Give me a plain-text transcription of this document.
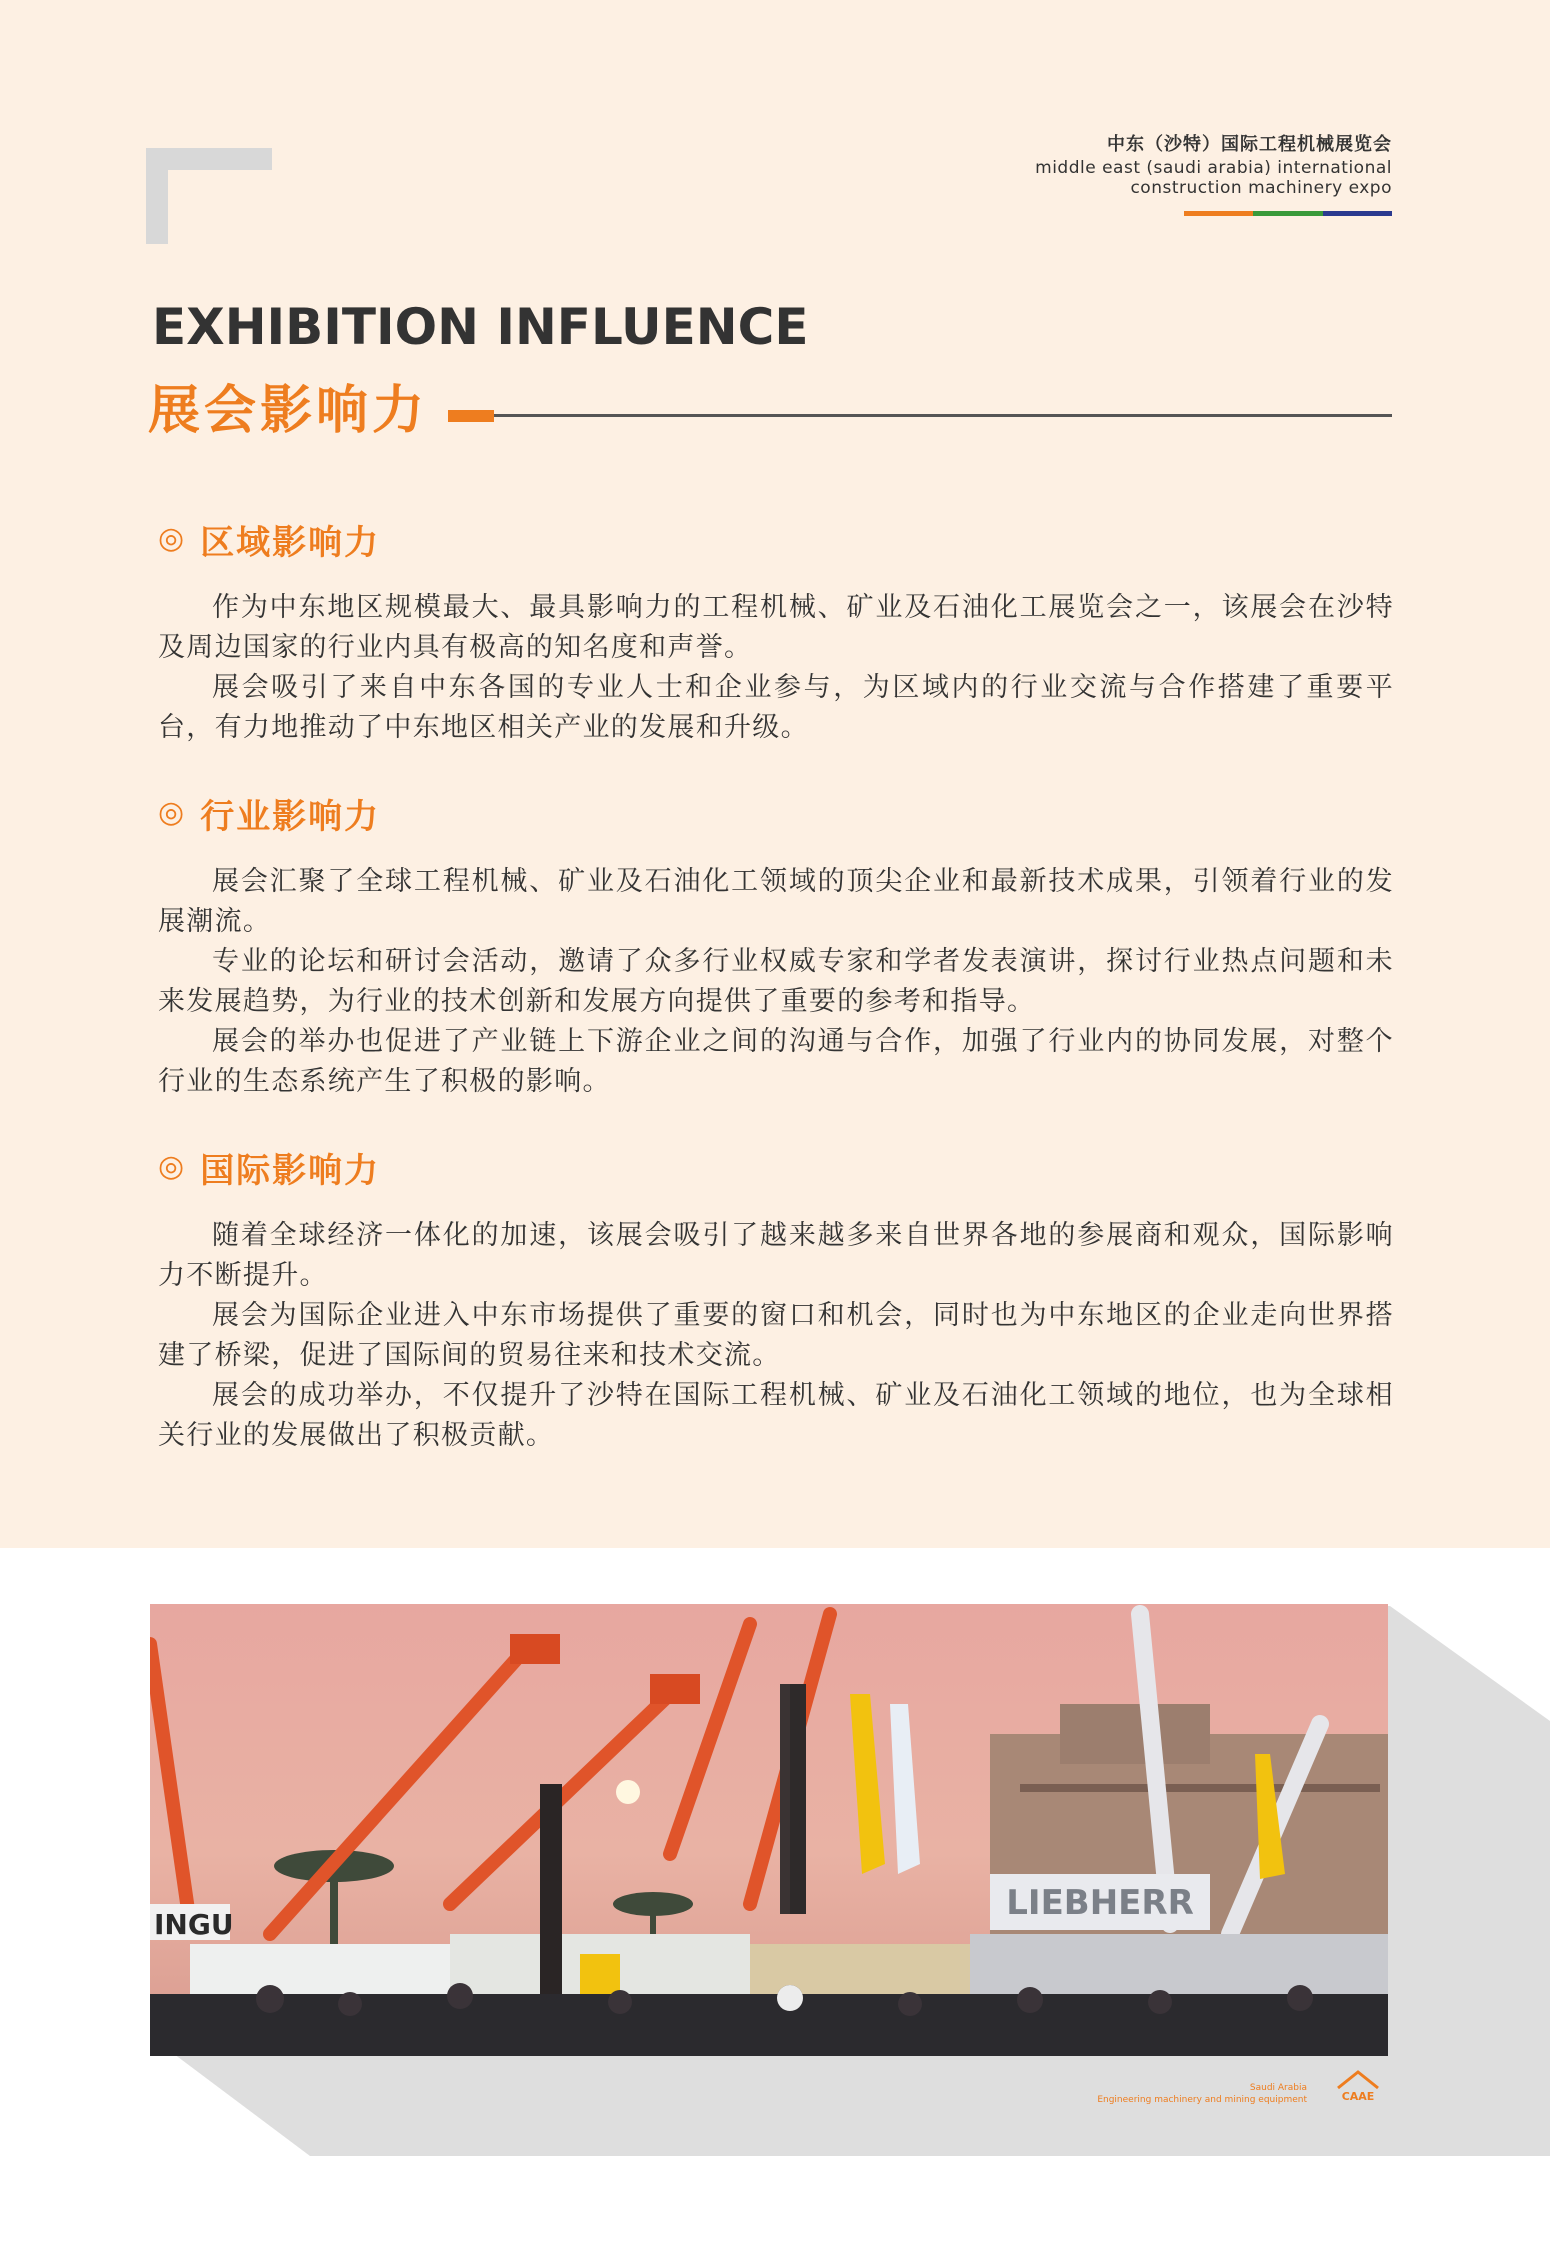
中东（沙特）国际工程机械展览会
middle east (saudi arabia) international
construction machinery expo
EXHIBITION INFLUENCE
展会影响力
◎ 区域影响力

作为中东地区规模最大、最具影响力的工程机械、矿业及石油化工展览会之一，该展会在沙特及周边国家的行业内具有极高的知名度和声誉。

展会吸引了来自中东各国的专业人士和企业参与，为区域内的行业交流与合作搭建了重要平台，有力地推动了中东地区相关产业的发展和升级。

◎ 行业影响力

展会汇聚了全球工程机械、矿业及石油化工领域的顶尖企业和最新技术成果，引领着行业的发展潮流。

专业的论坛和研讨会活动，邀请了众多行业权威专家和学者发表演讲，探讨行业热点问题和未来发展趋势，为行业的技术创新和发展方向提供了重要的参考和指导。

展会的举办也促进了产业链上下游企业之间的沟通与合作，加强了行业内的协同发展，对整个行业的生态系统产生了积极的影响。

◎ 国际影响力

随着全球经济一体化的加速，该展会吸引了越来越多来自世界各地的参展商和观众，国际影响力不断提升。

展会为国际企业进入中东市场提供了重要的窗口和机会，同时也为中东地区的企业走向世界搭建了桥梁，促进了国际间的贸易往来和技术交流。

展会的成功举办，不仅提升了沙特在国际工程机械、矿业及石油化工领域的地位，也为全球相关行业的发展做出了积极贡献。

LIEBHERR
INGU
Saudi Arabia
Engineering machinery and mining equipment	CAAE
